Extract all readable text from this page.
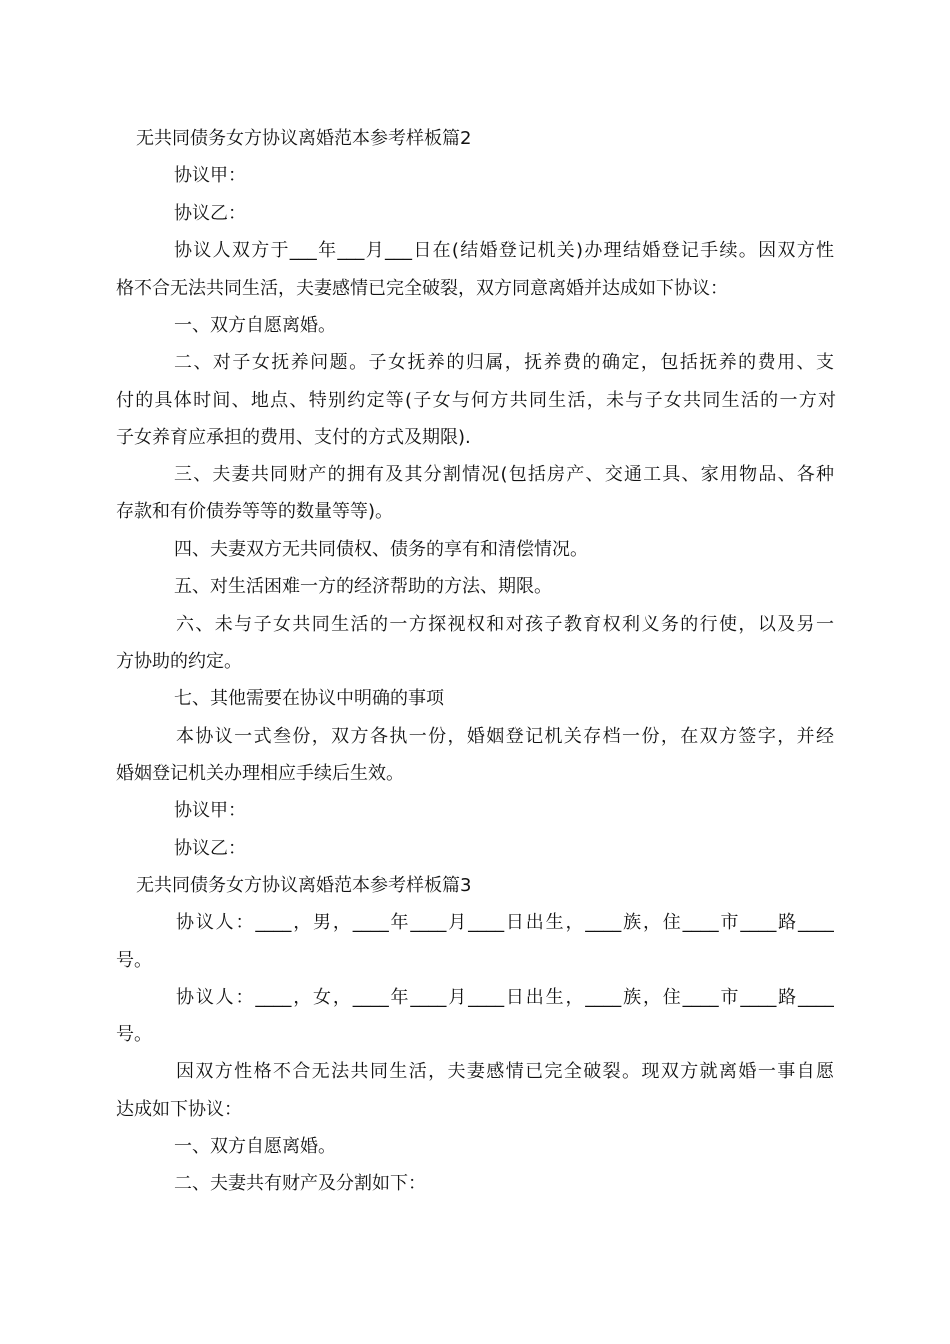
无共同债务女方协议离婚范本参考样板篇2
协议甲：
协议乙：
协议人双方于___年___月___日在(结婚登记机关)办理结婚登记手续。因双方性
格不合无法共同生活，夫妻感情已完全破裂，双方同意离婚并达成如下协议：
一、双方自愿离婚。
二、对子女抚养问题。子女抚养的归属，抚养费的确定，包括抚养的费用、支
付的具体时间、地点、特别约定等(子女与何方共同生活，未与子女共同生活的一方对
子女养育应承担的费用、支付的方式及期限).
三、夫妻共同财产的拥有及其分割情况(包括房产、交通工具、家用物品、各种
存款和有价债券等等的数量等等)。
四、夫妻双方无共同债权、债务的享有和清偿情况。
五、对生活困难一方的经济帮助的方法、期限。
六、未与子女共同生活的一方探视权和对孩子教育权利义务的行使，以及另一
方协助的约定。
七、其他需要在协议中明确的事项
本协议一式叁份，双方各执一份，婚姻登记机关存档一份，在双方签字，并经
婚姻登记机关办理相应手续后生效。
协议甲：
协议乙：
无共同债务女方协议离婚范本参考样板篇3
协议人：____，男，____年____月____日出生，____族，住____市____路____
号。
协议人：____，女，____年____月____日出生，____族，住____市____路____
号。
因双方性格不合无法共同生活，夫妻感情已完全破裂。现双方就离婚一事自愿
达成如下协议：
一、双方自愿离婚。
二、夫妻共有财产及分割如下：
